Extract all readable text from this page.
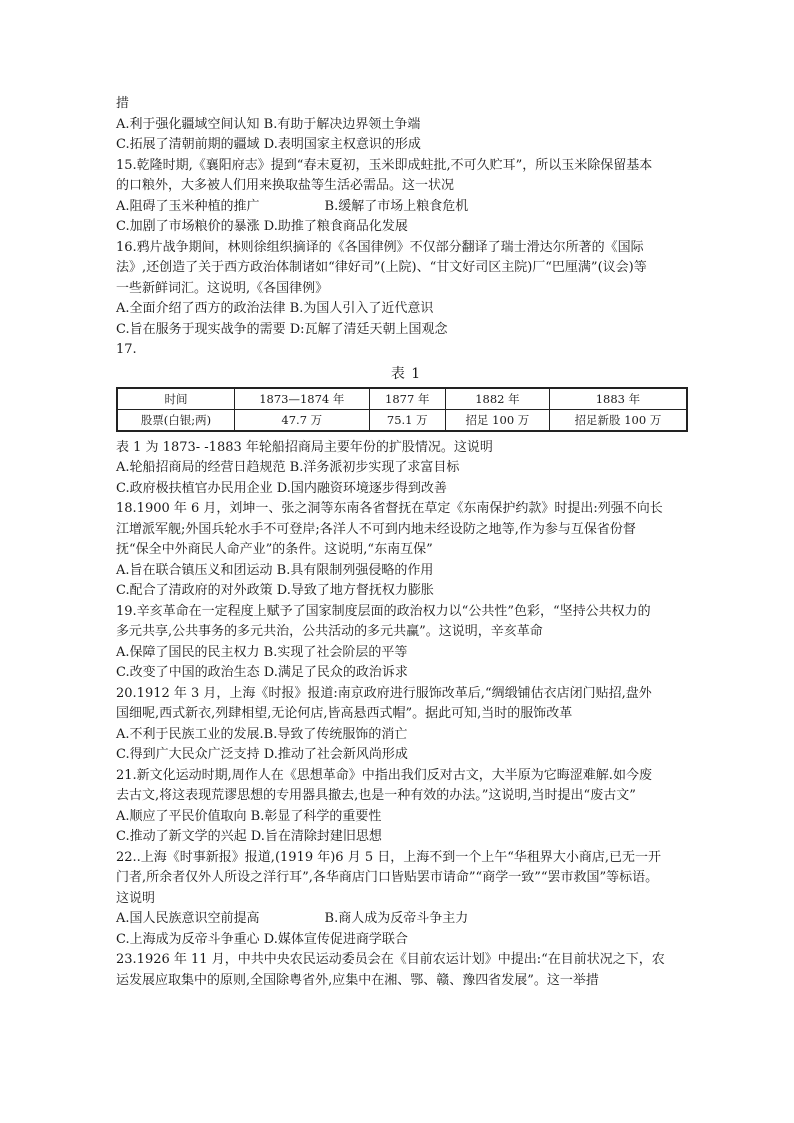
措
A.利于强化疆域空间认知 B.有助于解决边界领土争端
C.拓展了清朝前期的疆域 D.表明国家主权意识的形成
15.乾隆时期,《襄阳府志》提到“春末夏初，玉米即成蛀批,不可久贮耳”，所以玉米除保留基本
的口粮外，大多被人们用来换取盐等生活必需品。这一状况
A.阻碍了玉米种植的推广　　　　　B.缓解了市场上粮食危机
C.加剧了市场粮价的暴涨 D.助推了粮食商品化发展
16.鸦片战争期间，林则徐组织摘译的《各国律例》不仅部分翻译了瑞士滑达尔所著的《国际
法》,还创造了关于西方政治体制诸如“律好司”(上院)、“甘文好司区主院)厂“巴厘满”(议会)等
一些新鲜词汇。这说明,《各国律例》
A.全面介绍了西方的政治法律 B.为国人引入了近代意识
C.旨在服务于现实战争的需要 D:瓦解了清廷天朝上国观念
17.
表 1
时间	1873—1874 年	1877 年	1882 年	1883 年
股票(白银;两)	47.7 万	75.1 万	招足 100 万	招足新股 100 万
表 1 为 1873- -1883 年轮船招商局主要年份的扩股情况。这说明
A.轮船招商局的经营日趋规范 B.洋务派初步实现了求富目标
C.政府极扶植官办民用企业 D.国内融资环境逐步得到改善
18.1900 年 6 月，刘坤一、张之洞等东南各省督抚在草定《东南保护约款》时提出:列强不向长
江增派军舰;外国兵轮水手不可登岸;各洋人不可到内地未经设防之地等,作为参与互保省份督
抚“保全中外商民人命产业”的条件。这说明,“东南互保”
A.旨在联合镇压义和团运动 B.具有限制列强侵略的作用
C.配合了清政府的对外政策 D.导致了地方督抚权力膨胀
19.辛亥革命在一定程度上赋予了国家制度层面的政治权力以“公共性”色彩，“坚持公共权力的
多元共享,公共事务的多元共治，公共活动的多元共赢”。这说明，辛亥革命
A.保障了国民的民主权力 B.实现了社会阶层的平等
C.改变了中国的政治生态 D.满足了民众的政治诉求
20.1912 年 3 月，上海《时报》报道:南京政府进行服饰改革后,“绸缎铺估衣店闭门贴招,盘外
国细呢,西式新衣,列肆相望,无论何店,皆高悬西式帽”。据此可知,当时的服饰改革
A.不利于民族工业的发展.B.导致了传统服饰的消亡
C.得到广大民众广泛支持 D.推动了社会新风尚形成
21.新文化运动时期,周作人在《思想革命》中指出我们反对古文，大半原为它晦涩难解.如今废
去古文,将这表现荒谬思想的专用器具撤去,也是一种有效的办法。”这说明,当时提出“废古文”
A.顺应了平民价值取向 B.彰显了科学的重要性
C.推动了新文学的兴起 D.旨在清除封建旧思想
22..上海《时事新报》报道,(1919 年)6 月 5 日，上海不到一个上午“华租界大小商店,已无一开
门者,所余者仅外人所设之洋行耳”,各华商店门口皆贴罢市请命”“商学一致”“罢市救国”等标语。
这说明
A.国人民族意识空前提高　　　　　B.商人成为反帝斗争主力
C.上海成为反帝斗争重心 D.媒体宣传促进商学联合
23.1926 年 11 月，中共中央农民运动委员会在《目前农运计划》中提出:“在目前状况之下，农
运发展应取集中的原则,全国除粤省外,应集中在湘、鄂、赣、豫四省发展”。这一举措
